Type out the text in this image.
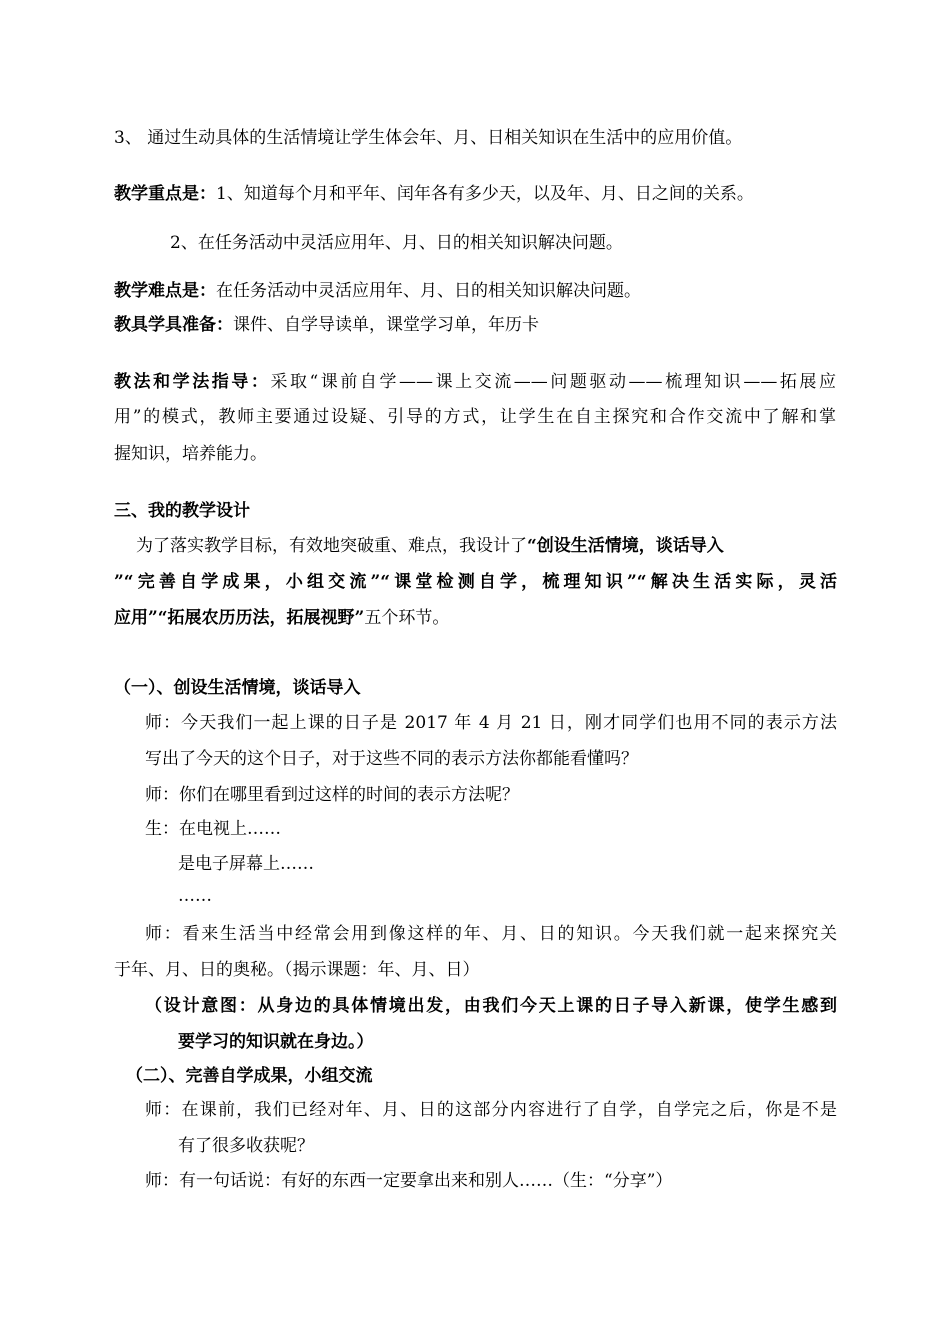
3、 通过生动具体的生活情境让学生体会年、月、日相关知识在生活中的应用价值。
教学重点是：1、知道每个月和平年、闰年各有多少天，以及年、月、日之间的关系。
2、在任务活动中灵活应用年、月、日的相关知识解决问题。
教学难点是：在任务活动中灵活应用年、月、日的相关知识解决问题。
教具学具准备：课件、自学导读单，课堂学习单，年历卡
教法和学法指导：采取“课前自学——课上交流——问题驱动——梳理知识——拓展应
用”的模式，教师主要通过设疑、引导的方式，让学生在自主探究和合作交流中了解和掌
握知识，培养能力。
三、我的教学设计
为了落实教学目标，有效地突破重、难点，我设计了“创设生活情境，谈话导入
”“完善自学成果，小组交流”“课堂检测自学，梳理知识”“解决生活实际，灵活
应用”“拓展农历历法，拓展视野”五个环节。
（一）、创设生活情境，谈话导入
师：今天我们一起上课的日子是 2017 年 4 月 21 日，刚才同学们也用不同的表示方法
写出了今天的这个日子，对于这些不同的表示方法你都能看懂吗？
师：你们在哪里看到过这样的时间的表示方法呢？
生：在电视上……
是电子屏幕上……
……
师：看来生活当中经常会用到像这样的年、月、日的知识。今天我们就一起来探究关
于年、月、日的奥秘。（揭示课题：年、月、日）
（设计意图：从身边的具体情境出发，由我们今天上课的日子导入新课，使学生感到
要学习的知识就在身边。）
（二）、完善自学成果，小组交流
师：在课前，我们已经对年、月、日的这部分内容进行了自学，自学完之后，你是不是
有了很多收获呢？
师：有一句话说：有好的东西一定要拿出来和别人……（生：“分享”）
